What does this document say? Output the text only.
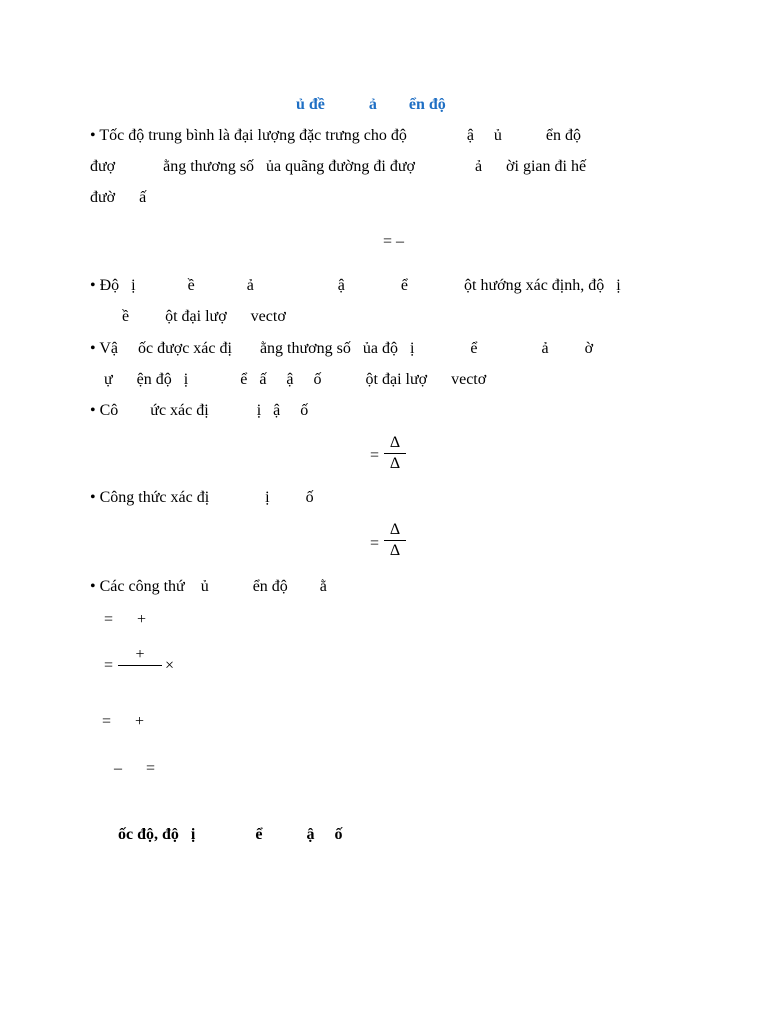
ủ đề           ả        ển độ
• Tốc độ trung bình là đại lượng đặc trưng cho độ               ậ     ủ           ển độ
đượ            ằng thương số   ủa quãng đường đi đượ               ả      ời gian đi hế
đườ      ấ
= –
• Độ   ị             ề             ả                     ậ              ể              ột hướng xác định, độ   ị
ề         ột đại lượ      vectơ
• Vậ     ốc được xác đị       ằng thương số   ủa độ   ị              ể                ả         ờ
ự      ện độ   ị             ể   ấ     ậ     ố           ột đại lượ      vectơ
• Cô        ức xác đị            ị   ậ     ố
=
Δ
Δ
• Công thức xác đị              ị         ố
=
Δ
Δ
• Các công thứ    ủ           ển độ        ằ
=      +
=
+
×
=      +
–      =
ốc độ, độ   ị               ể           ậ     ố
